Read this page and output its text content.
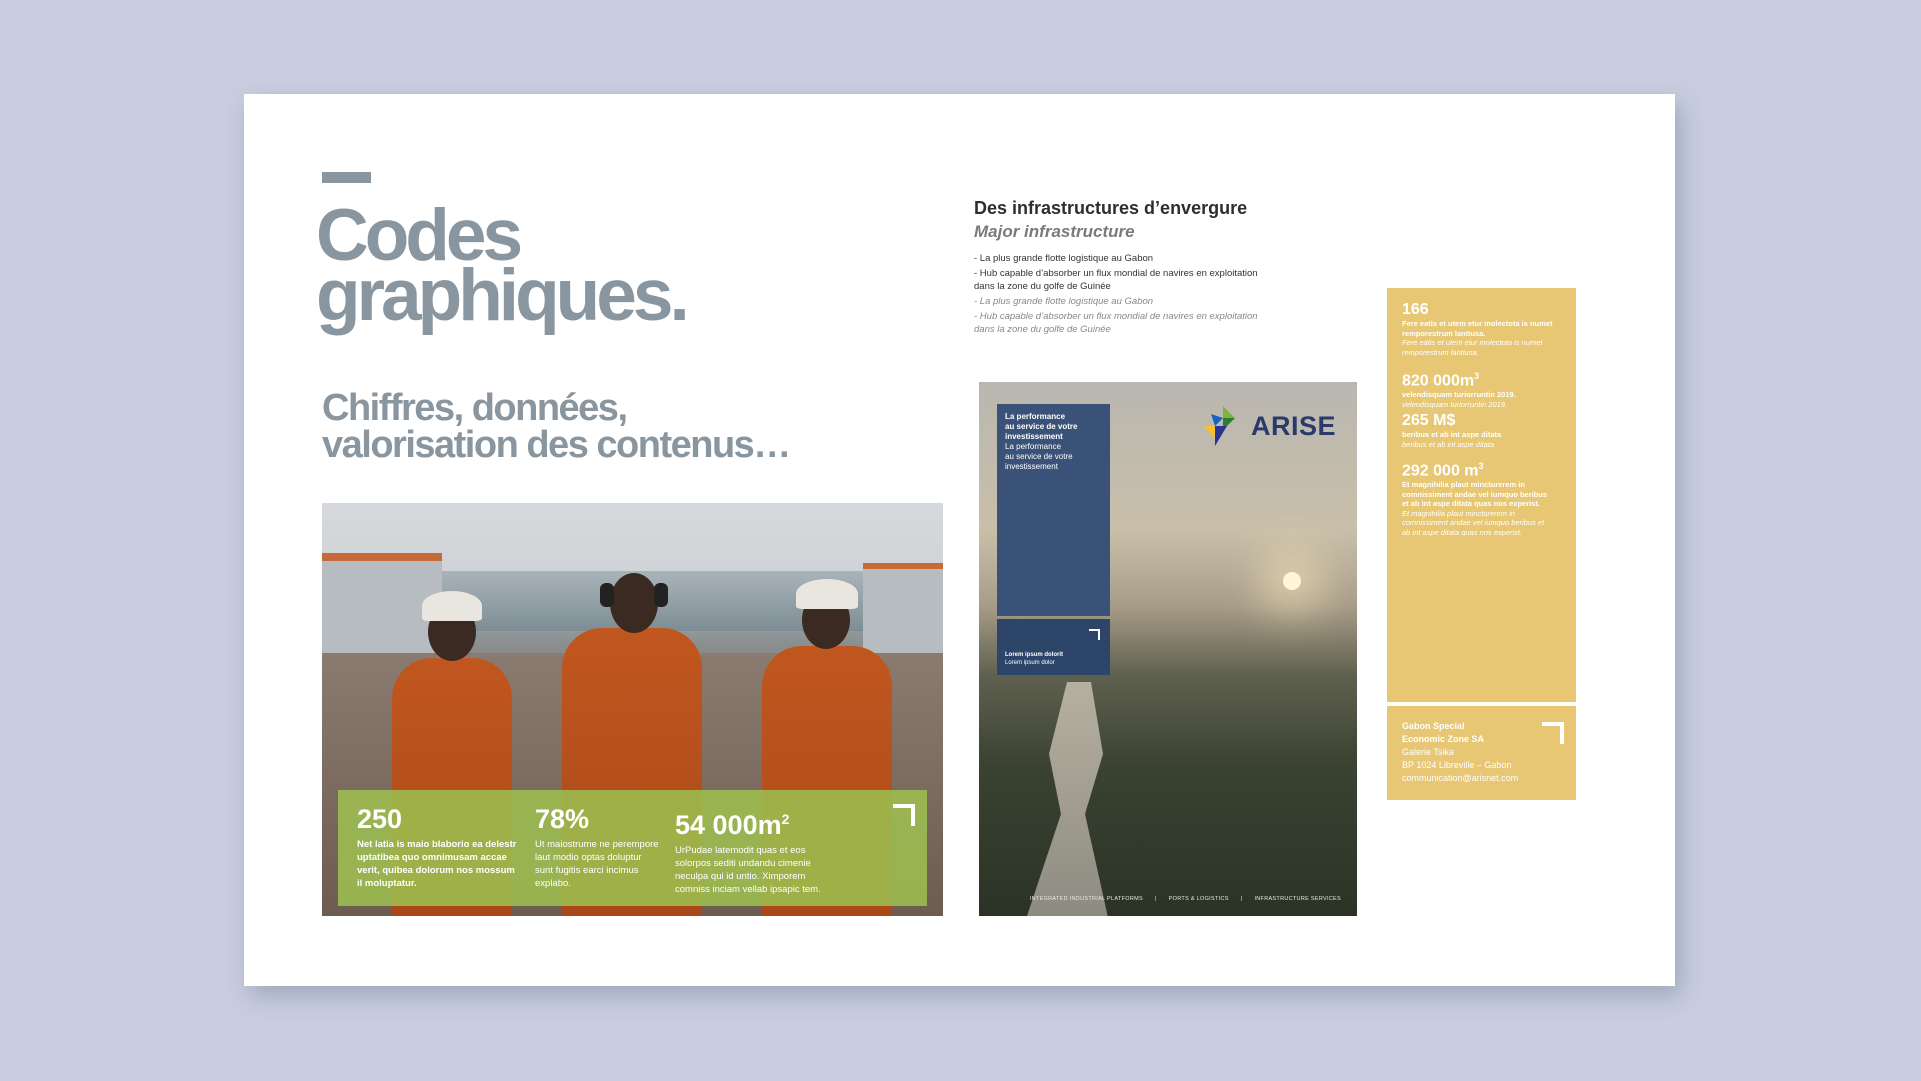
Codes
graphiques.
Chiffres, données,
valorisation des contenus…
250
Net latia is maio blaborio ea delestr uptatibea quo omnimusam accae verit, quibea dolorum nos mossum il moluptatur.
78%
Ut maiostrume ne perempore laut modio optas doluptur sunt fugitis earci incimus explabo.
54 $000m^2$
UrPudae latemodit quas et eos solorpos sediti undandu cimenie neculpa qui id untio. Ximporem comniss inciam vellab ipsapic tem.
Des infrastructures d’envergure
Major infrastructure
- La plus grande flotte logistique au Gabon
- Hub capable d’absorber un flux mondial de navires en exploitation dans la zone du golfe de Guinée
- La plus grande flotte logistique au Gabon
- Hub capable d’absorber un flux mondial de navires en exploitation dans la zone du golfe de Guinée
La performance
au service de votre
investissement
La performance
au service de votre
investissement
Lorem ipsum dolorit
Lorem ipsum dolor
ARISE
INTEGRATED INDUSTRIAL PLATFORMS | PORTS & LOGISTICS | INFRASTRUCTURE SERVICES
166
Fere eatis et utem etur molectota is numet remporestrum lantiusa.
Fere eatis et utem etur molectota is numet remporestrum lantiusa.
820 $000m^3$
velendisquam turiorruntin 2019.
velendisquam turiorruntin 2019.
265 M$
beribus et ab int aspe ditata
beribus et ab int aspe ditata
292 000 $m^3$
Et magnihilia plaut mincturerem in comnissiment andae vel iumquo beribus et ab int aspe ditata quas nos experist.
Et magnihilia plaut mincturerem in comnissiment andae vel iumquo beribus et ab int aspe ditata quas nos experist.
Gabon Special
Economic Zone SA
Galerie Tsika
BP 1024 Libreville – Gabon
communication@arisnet.com
